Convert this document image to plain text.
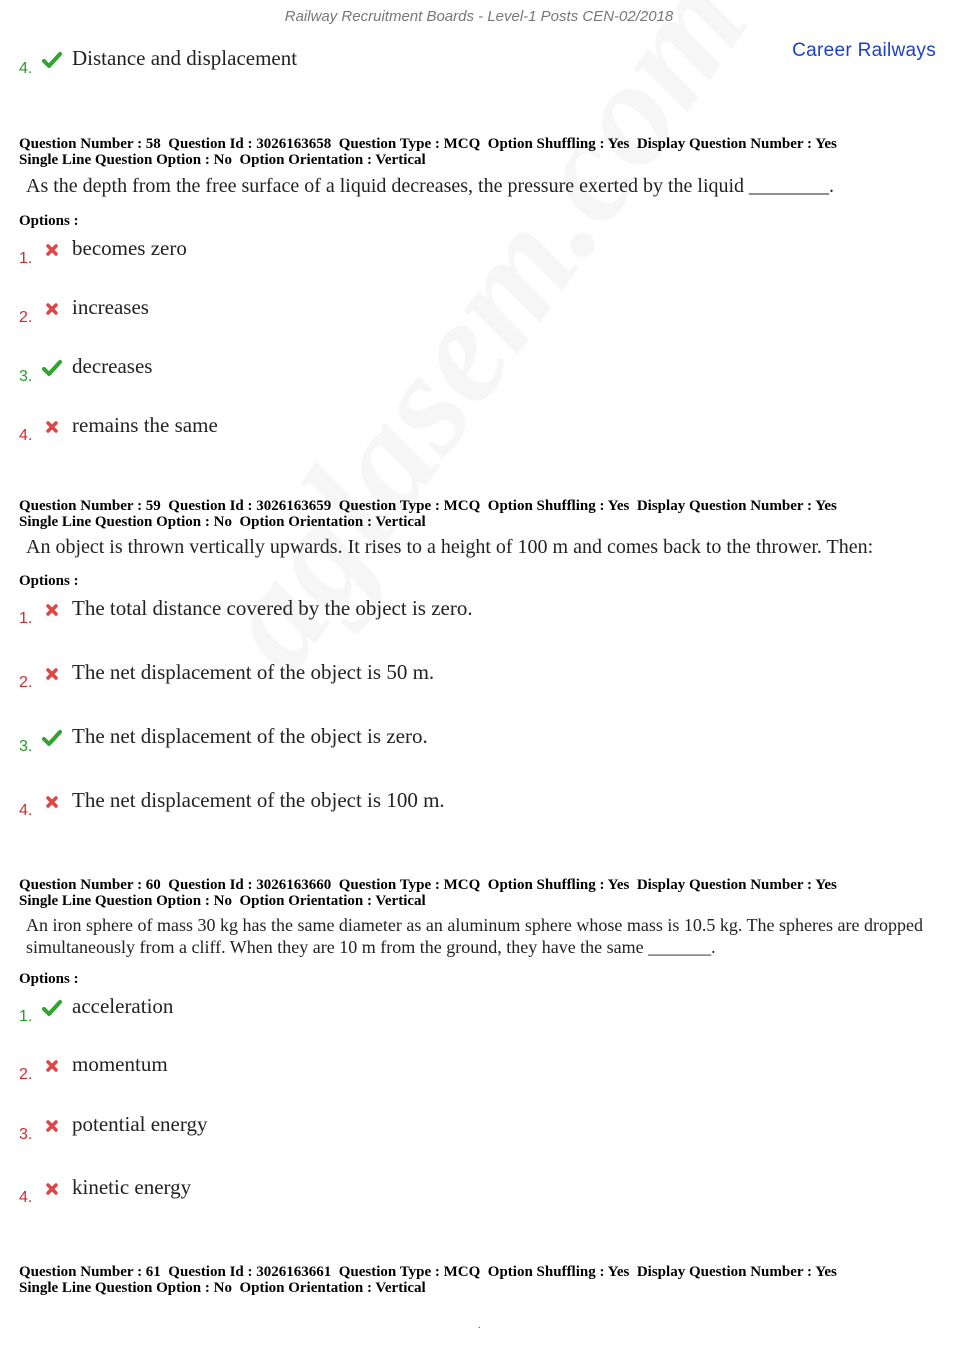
Railway Recruitment Boards - Level-1 Posts CEN-02/2018
Career Railways
4. Distance and displacement
Question Number : 58  Question Id : 3026163658  Question Type : MCQ  Option Shuffling : Yes  Display Question Number : Yes
Single Line Question Option : No  Option Orientation : Vertical
As the depth from the free surface of a liquid decreases, the pressure exerted by the liquid ________.
Options :
1. becomes zero
2. increases
3. decreases
4. remains the same
Question Number : 59  Question Id : 3026163659  Question Type : MCQ  Option Shuffling : Yes  Display Question Number : Yes
Single Line Question Option : No  Option Orientation : Vertical
An object is thrown vertically upwards. It rises to a height of 100 m and comes back to the thrower. Then:
Options :
1. The total distance covered by the object is zero.
2. The net displacement of the object is 50 m.
3. The net displacement of the object is zero.
4. The net displacement of the object is 100 m.
Question Number : 60  Question Id : 3026163660  Question Type : MCQ  Option Shuffling : Yes  Display Question Number : Yes
Single Line Question Option : No  Option Orientation : Vertical
An iron sphere of mass 30 kg has the same diameter as an aluminum sphere whose mass is 10.5 kg. The spheres are dropped simultaneously from a cliff. When they are 10 m from the ground, they have the same _______.
Options :
1. acceleration
2. momentum
3. potential energy
4. kinetic energy
Question Number : 61  Question Id : 3026163661  Question Type : MCQ  Option Shuffling : Yes  Display Question Number : Yes
Single Line Question Option : No  Option Orientation : Vertical
.
